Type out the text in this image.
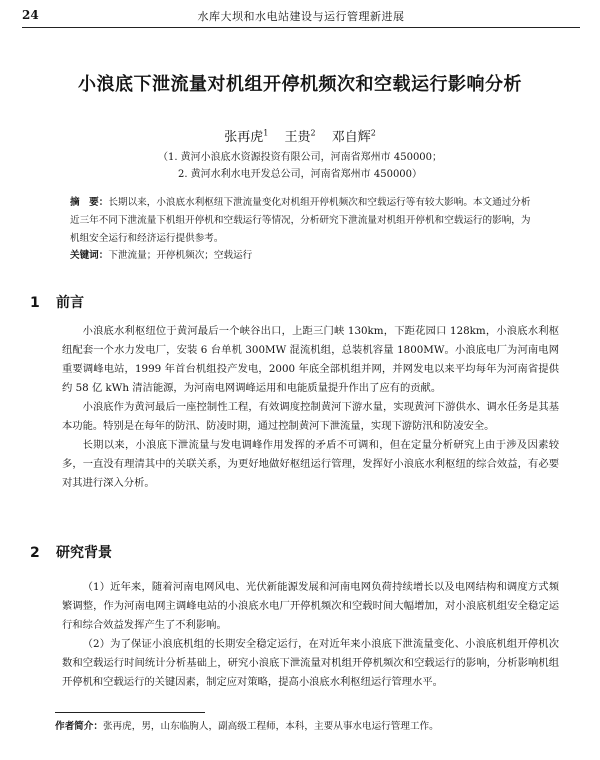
24	水库大坝和水电站建设与运行管理新进展
小浪底下泄流量对机组开停机频次和空载运行影响分析
张再虎$^1$ 王贵$^2$ 邓自辉$^2$
（1. 黄河小浪底水资源投资有限公司，河南省郑州市 450000；
2. 黄河水利水电开发总公司，河南省郑州市 450000）
摘　要：长期以来，小浪底水利枢纽下泄流量变化对机组开停机频次和空载运行等有较大影响。本文通过分析近三年不同下泄流量下机组开停机和空载运行等情况，分析研究下泄流量对机组开停机和空载运行的影响，为机组安全运行和经济运行提供参考。
关键词：下泄流量；开停机频次；空载运行
1 前言

小浪底水利枢纽位于黄河最后一个峡谷出口，上距三门峡 130km，下距花园口 128km，小浪底水利枢纽配套一个水力发电厂，安装 6 台单机 300MW 混流机组，总装机容量 1800MW。小浪底电厂为河南电网重要调峰电站，1999 年首台机组投产发电，2000 年底全部机组并网，并网发电以来平均每年为河南省提供约 58 亿 kWh 清洁能源，为河南电网调峰运用和电能质量提升作出了应有的贡献。

小浪底作为黄河最后一座控制性工程，有效调度控制黄河下游水量，实现黄河下游供水、调水任务是其基本功能。特别是在每年的防汛、防凌时期，通过控制黄河下泄流量，实现下游防汛和防凌安全。

长期以来，小浪底下泄流量与发电调峰作用发挥的矛盾不可调和，但在定量分析研究上由于涉及因素较多，一直没有理清其中的关联关系，为更好地做好枢纽运行管理，发挥好小浪底水利枢纽的综合效益，有必要对其进行深入分析。

2 研究背景

（1）近年来，随着河南电网风电、光伏新能源发展和河南电网负荷持续增长以及电网结构和调度方式频繁调整，作为河南电网主调峰电站的小浪底水电厂开停机频次和空载时间大幅增加，对小浪底机组安全稳定运行和综合效益发挥产生了不利影响。

（2）为了保证小浪底机组的长期安全稳定运行，在对近年来小浪底下泄流量变化、小浪底机组开停机次数和空载运行时间统计分析基础上，研究小浪底下泄流量对机组开停机频次和空载运行的影响，分析影响机组开停机和空载运行的关键因素，制定应对策略，提高小浪底水利枢纽运行管理水平。

作者简介：张再虎，男，山东临朐人，副高级工程师，本科，主要从事水电运行管理工作。
